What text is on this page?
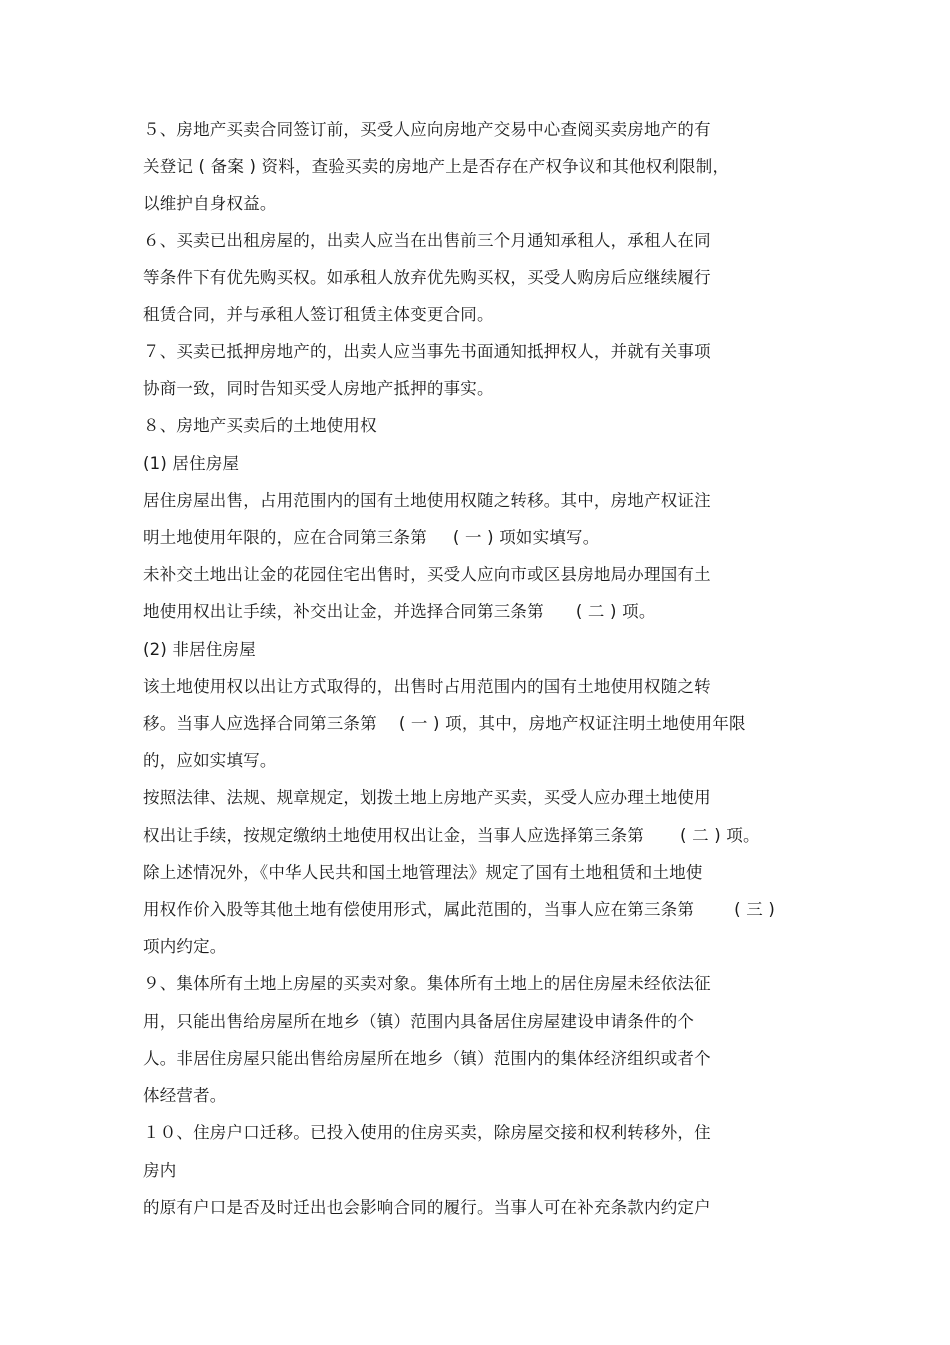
５、房地产买卖合同签订前，买受人应向房地产交易中心查阅买卖房地产的有
关登记 ( 备案 ) 资料，查验买卖的房地产上是否存在产权争议和其他权利限制，
以维护自身权益。
６、买卖已出租房屋的，出卖人应当在出售前三个月通知承租人，承租人在同
等条件下有优先购买权。如承租人放弃优先购买权，买受人购房后应继续履行
租赁合同，并与承租人签订租赁主体变更合同。
７、买卖已抵押房地产的，出卖人应当事先书面通知抵押权人，并就有关事项
协商一致，同时告知买受人房地产抵押的事实。
８、房地产买卖后的土地使用权
(1) 居住房屋
居住房屋出售，占用范围内的国有土地使用权随之转移。其中，房地产权证注
明土地使用年限的，应在合同第三条第 ( 一 ) 项如实填写。
未补交土地出让金的花园住宅出售时，买受人应向市或区县房地局办理国有土
地使用权出让手续，补交出让金，并选择合同第三条第 ( 二 ) 项。
(2) 非居住房屋
该土地使用权以出让方式取得的，出售时占用范围内的国有土地使用权随之转
移。当事人应选择合同第三条第 ( 一 ) 项，其中，房地产权证注明土地使用年限
的，应如实填写。
按照法律、法规、规章规定，划拨土地上房地产买卖，买受人应办理土地使用
权出让手续，按规定缴纳土地使用权出让金，当事人应选择第三条第 ( 二 ) 项。
除上述情况外，《中华人民共和国土地管理法》规定了国有土地租赁和土地使
用权作价入股等其他土地有偿使用形式，属此范围的，当事人应在第三条第 ( 三 )
项内约定。
９、集体所有土地上房屋的买卖对象。集体所有土地上的居住房屋未经依法征
用，只能出售给房屋所在地乡（镇）范围内具备居住房屋建设申请条件的个
人。非居住房屋只能出售给房屋所在地乡（镇）范围内的集体经济组织或者个
体经营者。
１０、住房户口迁移。已投入使用的住房买卖，除房屋交接和权利转移外，住
房内
的原有户口是否及时迁出也会影响合同的履行。当事人可在补充条款内约定户
